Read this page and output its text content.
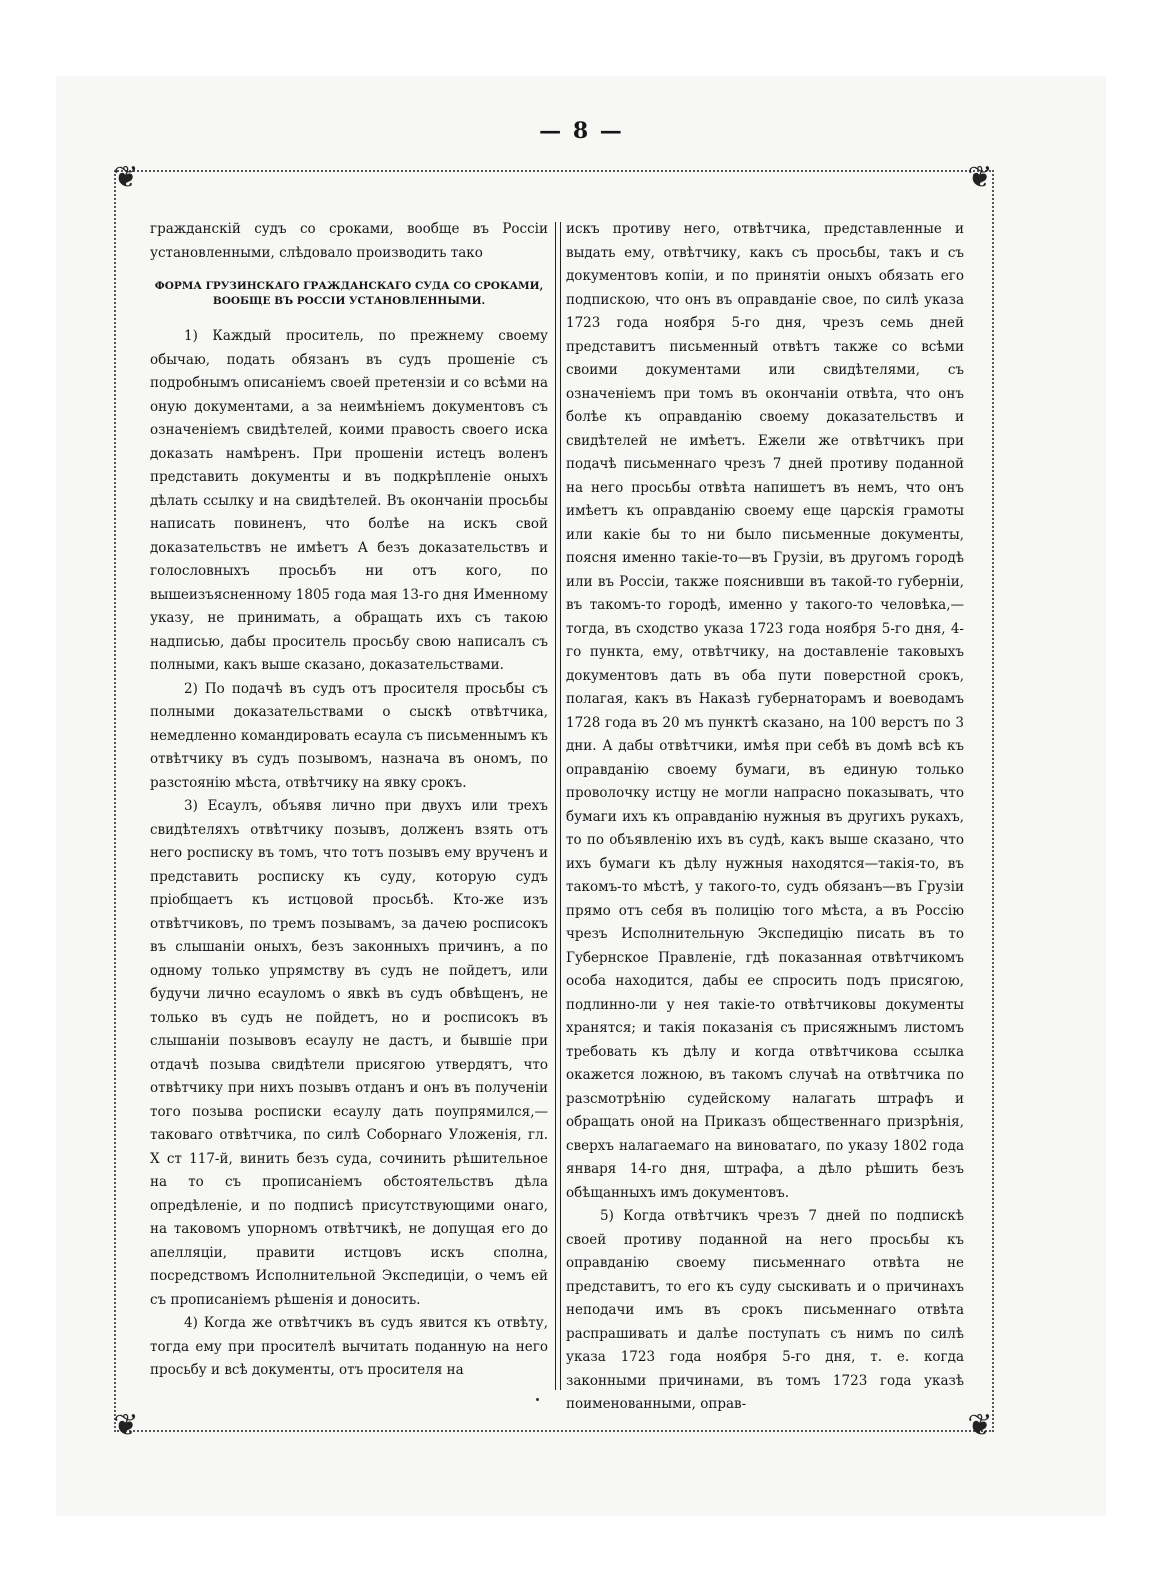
— 8 —
❦	❦
❦	❦

гражданскій судъ со сроками, вообще въ Россіи установленными, слѣдовало производить тако

ФОРМА ГРУЗИНСКАГО ГРАЖДАНСКАГО СУДА СО СРОКАМИ, ВООБЩЕ ВЪ РОССІИ УСТАНОВЛЕННЫМИ.

1) Каждый проситель, по прежнему своему обычаю, подать обязанъ въ судъ прошеніе съ подробнымъ описаніемъ своей претензіи и со всѣми на оную документами, а за неимѣніемъ документовъ съ означеніемъ свидѣтелей, коими правость своего иска доказать намѣренъ. При прошеніи истецъ воленъ представить документы и въ подкрѣпленіе оныхъ дѣлать ссылку и на свидѣтелей. Въ окончаніи просьбы написать повиненъ, что болѣе на искъ свой доказательствъ не имѣетъ А безъ доказательствъ и голословныхъ просьбъ ни отъ кого, по вышеизъясненному 1805 года мая 13-го дня Именному указу, не принимать, а обращать ихъ съ такою надписью, дабы проситель просьбу свою написалъ съ полными, какъ выше сказано, доказательствами.

2) По подачѣ въ судъ отъ просителя просьбы съ полными доказательствами о сыскѣ отвѣтчика, немедленно командировать есаула съ письменнымъ къ отвѣтчику въ судъ позывомъ, назнача въ ономъ, по разстоянію мѣста, отвѣтчику на явку срокъ.

3) Есаулъ, объявя лично при двухъ или трехъ свидѣтеляхъ отвѣтчику позывъ, долженъ взять отъ него росписку въ томъ, что тотъ позывъ ему врученъ и представить росписку къ суду, которую судъ пріобщаетъ къ истцовой просьбѣ. Кто-же изъ отвѣтчиковъ, по тремъ позывамъ, за дачею росписокъ въ слышаніи оныхъ, безъ законныхъ причинъ, а по одному только упрямству въ судъ не пойдетъ, или будучи лично есауломъ о явкѣ въ судъ обвѣщенъ, не только въ судъ не пойдетъ, но и росписокъ въ слышаніи позывовъ есаулу не дастъ, и бывшіе при отдачѣ позыва свидѣтели присягою утвердятъ, что отвѣтчику при нихъ позывъ отданъ и онъ въ полученіи того позыва росписки есаулу дать поупрямился,—таковаго отвѣтчика, по силѣ Соборнаго Уложенія, гл. X ст 117-й, винить безъ суда, сочинить рѣшительное на то съ прописаніемъ обстоятельствъ дѣла опредѣленіе, и по подписѣ присутствующими онаго, на таковомъ упорномъ отвѣтчикѣ, не допущая его до апелляціи, правити истцовъ искъ сполна, посредствомъ Исполнительной Экспедиціи, о чемъ ей съ прописаніемъ рѣшенія и доносить.

4) Когда же отвѣтчикъ въ судъ явится къ отвѣту, тогда ему при просителѣ вычитать поданную на него просьбу и всѣ документы, отъ просителя на

искъ противу него, отвѣтчика, представленные и выдать ему, отвѣтчику, какъ съ просьбы, такъ и съ документовъ копіи, и по принятіи оныхъ обязать его подпискою, что онъ въ оправданіе свое, по силѣ указа 1723 года ноября 5-го дня, чрезъ семь дней представитъ письменный отвѣтъ также со всѣми своими документами или свидѣтелями, съ означеніемъ при томъ въ окончаніи отвѣта, что онъ болѣе къ оправданію своему доказательствъ и свидѣтелей не имѣетъ. Ежели же отвѣтчикъ при подачѣ письменнаго чрезъ 7 дней противу поданной на него просьбы отвѣта напишетъ въ немъ, что онъ имѣетъ къ оправданію своему еще царскія грамоты или какіе бы то ни было письменные документы, поясня именно такіе-то—въ Грузіи, въ другомъ городѣ или въ Россіи, также пояснивши въ такой-то губерніи, въ такомъ-то городѣ, именно у такого-то человѣка,—тогда, въ сходство указа 1723 года ноября 5-го дня, 4-го пункта, ему, отвѣтчику, на доставленіе таковыхъ документовъ дать въ оба пути поверстной срокъ, полагая, какъ въ Наказѣ губернаторамъ и воеводамъ 1728 года въ 20 мъ пунктѣ сказано, на 100 верстъ по 3 дни. А дабы отвѣтчики, имѣя при себѣ въ домѣ всѣ къ оправданію своему бумаги, въ единую только проволочку истцу не могли напрасно показывать, что бумаги ихъ къ оправданію нужныя въ другихъ рукахъ, то по объявленію ихъ въ судѣ, какъ выше сказано, что ихъ бумаги къ дѣлу нужныя находятся—такія-то, въ такомъ-то мѣстѣ, у такого-то, судъ обязанъ—въ Грузіи прямо отъ себя въ полицію того мѣста, а въ Россію чрезъ Исполнительную Экспедицію писать въ то Губернское Правленіе, гдѣ показанная отвѣтчикомъ особа находится, дабы ее спросить подъ присягою, подлинно-ли у нея такіе-то отвѣтчиковы документы хранятся; и такія показанія съ присяжнымъ листомъ требовать къ дѣлу и когда отвѣтчикова ссылка окажется ложною, въ такомъ случаѣ на отвѣтчика по разсмотрѣнію судейскому налагать штрафъ и обращать оной на Приказъ общественнаго призрѣнія, сверхъ налагаемаго на виноватаго, по указу 1802 года января 14-го дня, штрафа, а дѣло рѣшить безъ обѣщанныхъ имъ документовъ.

5) Когда отвѣтчикъ чрезъ 7 дней по подпискѣ своей противу поданной на него просьбы къ оправданію своему письменнаго отвѣта не представитъ, то его къ суду сыскивать и о причинахъ неподачи имъ въ срокъ письменнаго отвѣта распрашивать и далѣе поступать съ нимъ по силѣ указа 1723 года ноября 5-го дня, т. е. когда законными причинами, въ томъ 1723 года указѣ поименованными, оправ-
